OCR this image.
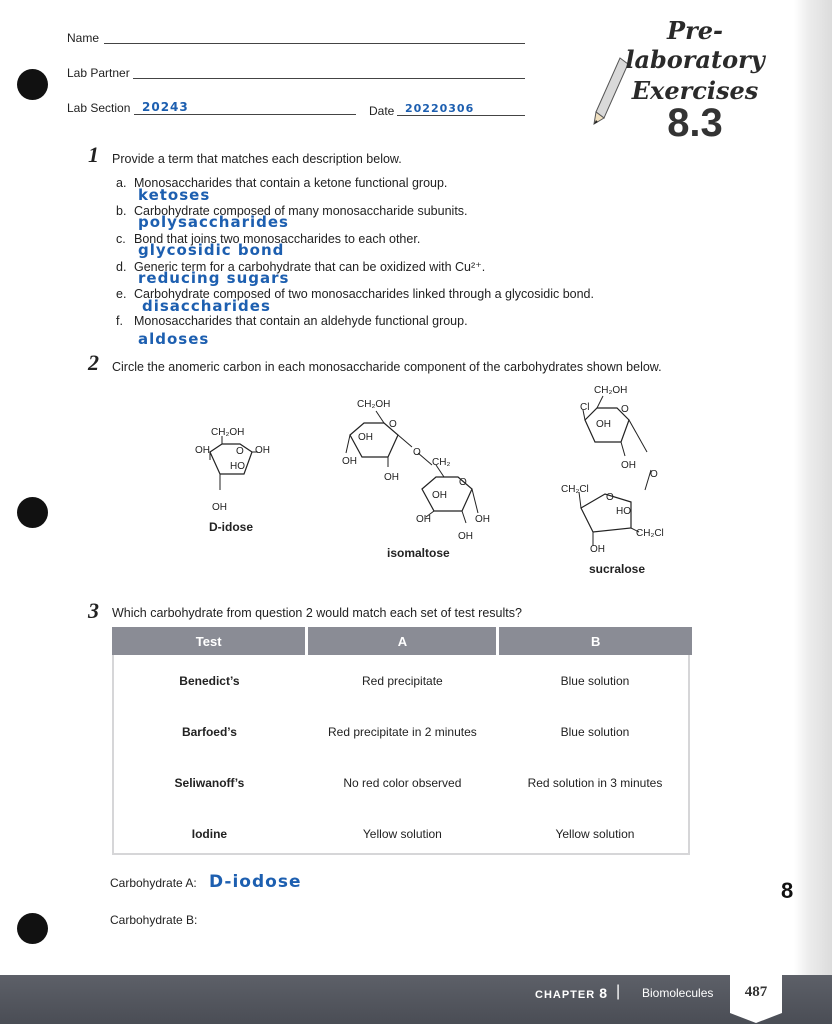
Name
Lab Partner
Lab Section 20243	Date 20220306
Pre-laboratory
Exercises
8.3
1 Provide a term that matches each description below.
a. Monosaccharides that contain a ketone functional group.
ketoses
b. Carbohydrate composed of many monosaccharide subunits.
polysaccharides
c. Bond that joins two monosaccharides to each other.
glycosidic bond
d. Generic term for a carbohydrate that can be oxidized with Cu²⁺.
reducing sugars
e. Carbohydrate composed of two monosaccharides linked through a glycosidic bond.
disaccharides
f. Monosaccharides that contain an aldehyde functional group.
aldoses
2 Circle the anomeric carbon in each monosaccharide component of the carbohydrates shown below.
CH₂OH
OH	O OH
HO
OH
D-idose
CH₂OH
O
OH
OH
O
OH
CH₂
O
OH
OH	OH
OH
isomaltose
CH₂OH
Cl	O
OH
OH
O
CH₂Cl
O
HO
CH₂Cl
OH
sucralose
3 Which carbohydrate from question 2 would match each set of test results?
Test	A	B
Benedict’s	Red precipitate	Blue solution
Barfoed’s	Red precipitate in 2 minutes	Blue solution
Seliwanoff’s	No red color observed	Red solution in 3 minutes
Iodine	Yellow solution	Yellow solution
Carbohydrate A: D-iodose
Carbohydrate B:
8
CHAPTER 8 | Biomolecules	487
